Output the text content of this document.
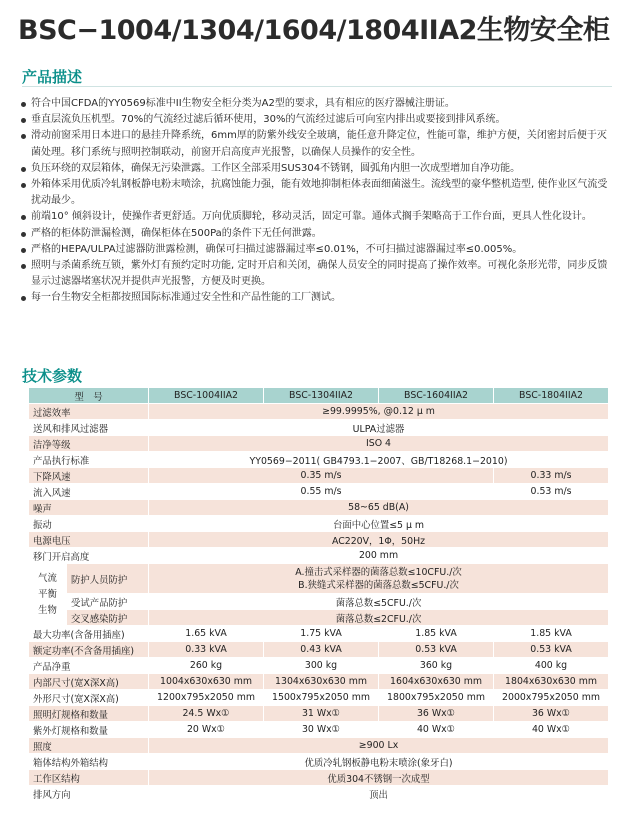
BSC−1004/1304/1604/1804IIA2生物安全柜
产品描述
符合中国CFDA的YY0569标准中II生物安全柜分类为A2型的要求，具有相应的医疗器械注册证。
垂直层流负压机型。70%的气流经过滤后循环使用，30%的气流经过滤后可向室内排出或要接到排风系统。
滑动前窗采用日本进口的悬挂升降系统，6mm厚的防紫外线安全玻璃，能任意升降定位，性能可靠，维护方便，关闭密封后便于灭菌处理。移门系统与照明控制联动，前窗开启高度声光报警，以确保人员操作的安全性。
负压环绕的双层箱体，确保无污染泄露。工作区全部采用SUS304不锈钢，圆弧角内胆一次成型增加自净功能。
外箱体采用优质冷轧钢板静电粉末喷涂，抗腐蚀能力强，能有效地抑制柜体表面细菌滋生。流线型的豪华整机造型, 使作业区气流受扰动最少。
前端10° 倾斜设计，使操作者更舒适。万向优质脚轮，移动灵活，固定可靠。通体式搁手架略高于工作台面，更具人性化设计。
严格的柜体防泄漏检测，确保柜体在500Pa的条件下无任何泄露。
严格的HEPA/ULPA过滤器防泄露检测，确保可扫描过滤器漏过率≤0.01%，不可扫描过滤器漏过率≤0.005%。
照明与杀菌系统互锁，紫外灯有预约定时功能, 定时开启和关闭，确保人员安全的同时提高了操作效率。可视化条形光带，同步反馈显示过滤器堵塞状况并提供声光报警，方便及时更换。
每一台生物安全柜都按照国际标准通过安全性和产品性能的工厂测试。
技术参数
型　号		BSC-1004IIA2	BSC-1304IIA2	BSC-1604IIA2	BSC-1804IIA2
过滤效率		≥99.9995%, @0.12 μ m			
送风和排风过滤器		ULPA过滤器			
洁净等级		ISO 4			
产品执行标准		YY0569−2011( GB4793.1−2007、GB/T18268.1−2010)			
下降风速		0.35 m/s			0.33 m/s
流入风速		0.55 m/s			0.53 m/s
噪声		58~65 dB(A)			
振动		台面中心位置≤5 μ m			
电源电压		AC220V，1Φ，50Hz			
移门开启高度		200 mm			
气流平衡生物	防护人员防护	A.撞击式采样器的菌落总数≤10CFU./次
B.狭缝式采样器的菌落总数≤5CFU./次			

	受试产品防护	菌落总数≤5CFU./次			
	交叉感染防护	菌落总数≤2CFU./次			
最大功率(含备用插座)		1.65 kVA	1.75 kVA	1.85 kVA	1.85 kVA
额定功率(不含备用插座)		0.33 kVA	0.43 kVA	0.53 kVA	0.53 kVA
产品净重		260 kg	300 kg	360 kg	400 kg
内部尺寸(宽X深X高)		1004x630x630 mm	1304x630x630 mm	1604x630x630 mm	1804x630x630 mm
外形尺寸(宽X深X高)		1200x795x2050 mm	1500x795x2050 mm	1800x795x2050 mm	2000x795x2050 mm
照明灯规格和数量		24.5 Wx①	31 Wx①	36 Wx①	36 Wx①
紫外灯规格和数量		20 Wx①	30 Wx①	40 Wx①	40 Wx①
照度		≥900 Lx			
箱体结构外箱结构		优质冷轧钢板静电粉末喷涂(象牙白)			
工作区结构		优质304不锈钢一次成型			
排风方向		顶出			
